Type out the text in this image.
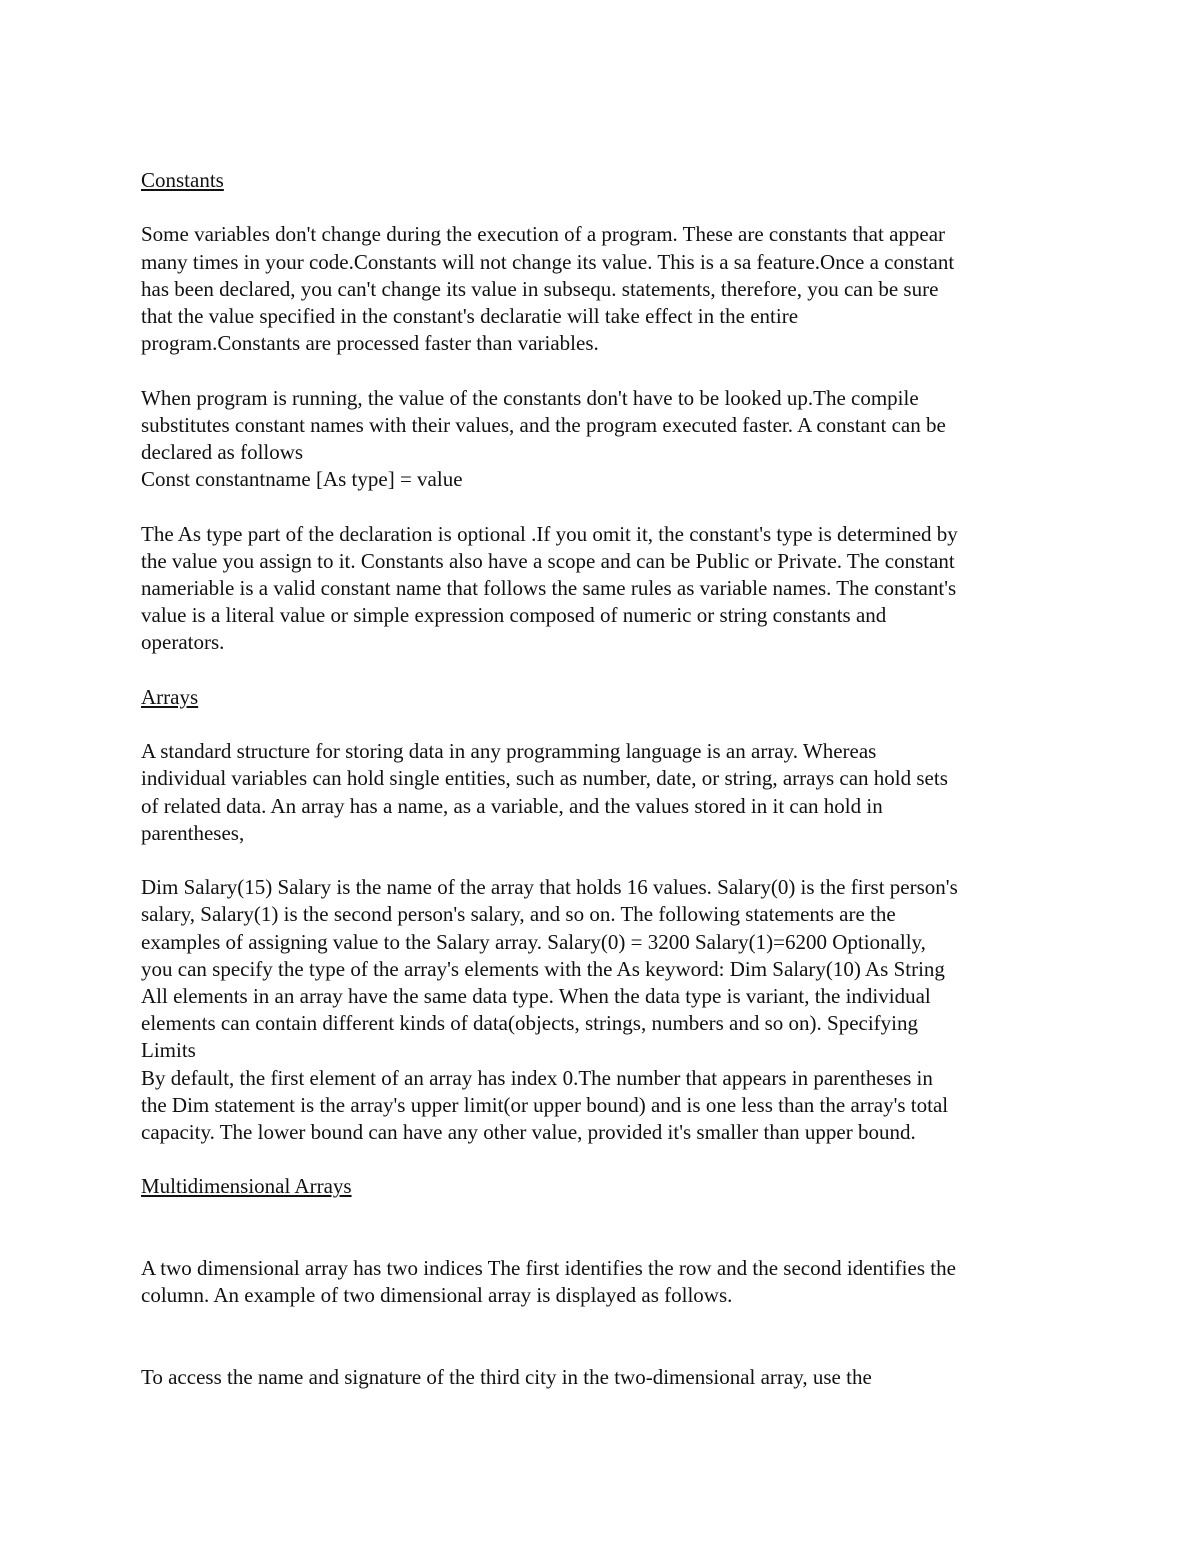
Constants
Some variables don't change during the execution of a program. These are constants that appear
many times in your code.Constants will not change its value. This is a sa feature.Once a constant
has been declared, you can't change its value in subsequ. statements, therefore, you can be sure
that the value specified in the constant's declaratie will take effect in the entire
program.Constants are processed faster than variables.
When program is running, the value of the constants don't have to be looked up.The compile
substitutes constant names with their values, and the program executed faster. A constant can be
declared as follows
Const constantname [As type] = value
The As type part of the declaration is optional .If you omit it, the constant's type is determined by
the value you assign to it. Constants also have a scope and can be Public or Private. The constant
nameriable is a valid constant name that follows the same rules as variable names. The constant's
value is a literal value or simple expression composed of numeric or string constants and
operators.
Arrays
A standard structure for storing data in any programming language is an array. Whereas
individual variables can hold single entities, such as number, date, or string, arrays can hold sets
of related data. An array has a name, as a variable, and the values stored in it can hold in
parentheses,
Dim Salary(15) Salary is the name of the array that holds 16 values. Salary(0) is the first person's
salary, Salary(1) is the second person's salary, and so on. The following statements are the
examples of assigning value to the Salary array. Salary(0) = 3200 Salary(1)=6200 Optionally,
you can specify the type of the array's elements with the As keyword: Dim Salary(10) As String
All elements in an array have the same data type. When the data type is variant, the individual
elements can contain different kinds of data(objects, strings, numbers and so on). Specifying
Limits
By default, the first element of an array has index 0.The number that appears in parentheses in
the Dim statement is the array's upper limit(or upper bound) and is one less than the array's total
capacity. The lower bound can have any other value, provided it's smaller than upper bound.
Multidimensional Arrays
A two dimensional array has two indices The first identifies the row and the second identifies the
column. An example of two dimensional array is displayed as follows.
To access the name and signature of the third city in the two-dimensional array, use the
